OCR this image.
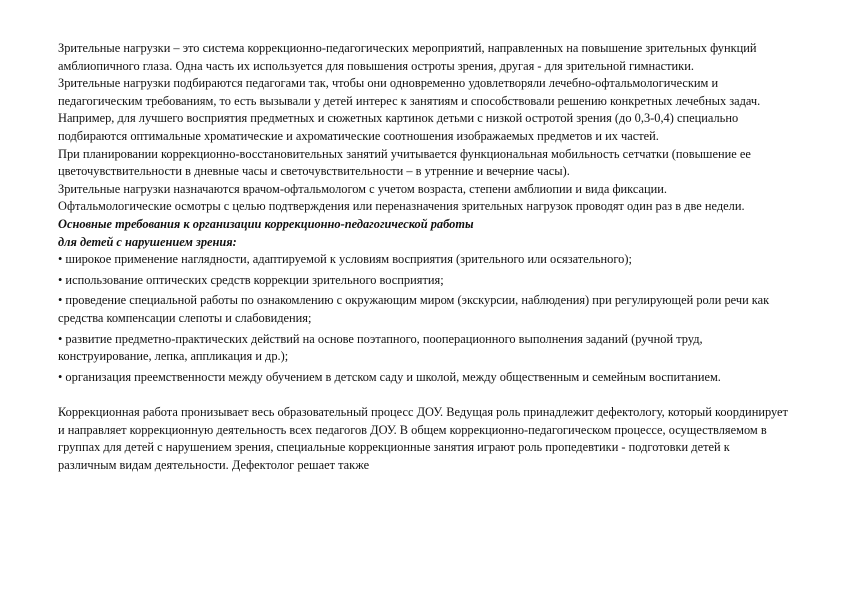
Зрительные нагрузки – это система коррекционно-педагогических мероприятий, направленных на повышение зрительных функций амблиопичного глаза. Одна часть их используется для повышения остроты зрения, другая - для зрительной гимнастики.

Зрительные нагрузки подбираются педагогами так, чтобы они одновременно удовлетворяли лечебно-офтальмологическим и педагогическим требованиям, то есть вызывали у детей интерес к занятиям и способствовали решению конкретных лечебных задач. Например, для лучшего восприятия предметных и сюжетных картинок детьми с низкой остротой зрения (до 0,3-0,4) специально подбираются оптимальные хроматические и ахроматические соотношения изображаемых предметов и их частей.

При планировании коррекционно-восстановительных занятий учитывается функциональная мобильность сетчатки (повышение ее цветочувствительности в дневные часы и светочувствительности – в утренние и вечерние часы).

Зрительные нагрузки назначаются врачом-офтальмологом с учетом возраста, степени амблиопии и вида фиксации.

Офтальмологические осмотры с целью подтверждения или переназначения зрительных нагрузок проводят один раз в две недели.

Основные требования к организации коррекционно-педагогической работы

для детей с нарушением зрения:

• широкое применение наглядности, адаптируемой к условиям восприятия (зрительного или осязательного);

• использование оптических средств коррекции зрительного восприятия;

• проведение специальной работы по ознакомлению с окружающим миром (экскурсии, наблюдения) при регулирующей роли речи как средства компенсации слепоты и слабовидения;

• развитие предметно-практических действий на основе поэтапного, пооперационного выполнения заданий (ручной труд, конструирование, лепка, аппликация и др.);

• организация преемственности между обучением в детском саду и школой, между общественным и семейным воспитанием.

Коррекционная работа пронизывает весь образовательный процесс ДОУ. Ведущая роль принадлежит дефектологу, который координирует и направляет коррекционную деятельность всех педагогов ДОУ. В общем коррекционно-педагогическом процессе, осуществляемом в группах для детей с нарушением зрения, специальные коррекционные занятия играют роль пропедевтики - подготовки детей к различным видам деятельности. Дефектолог решает также
